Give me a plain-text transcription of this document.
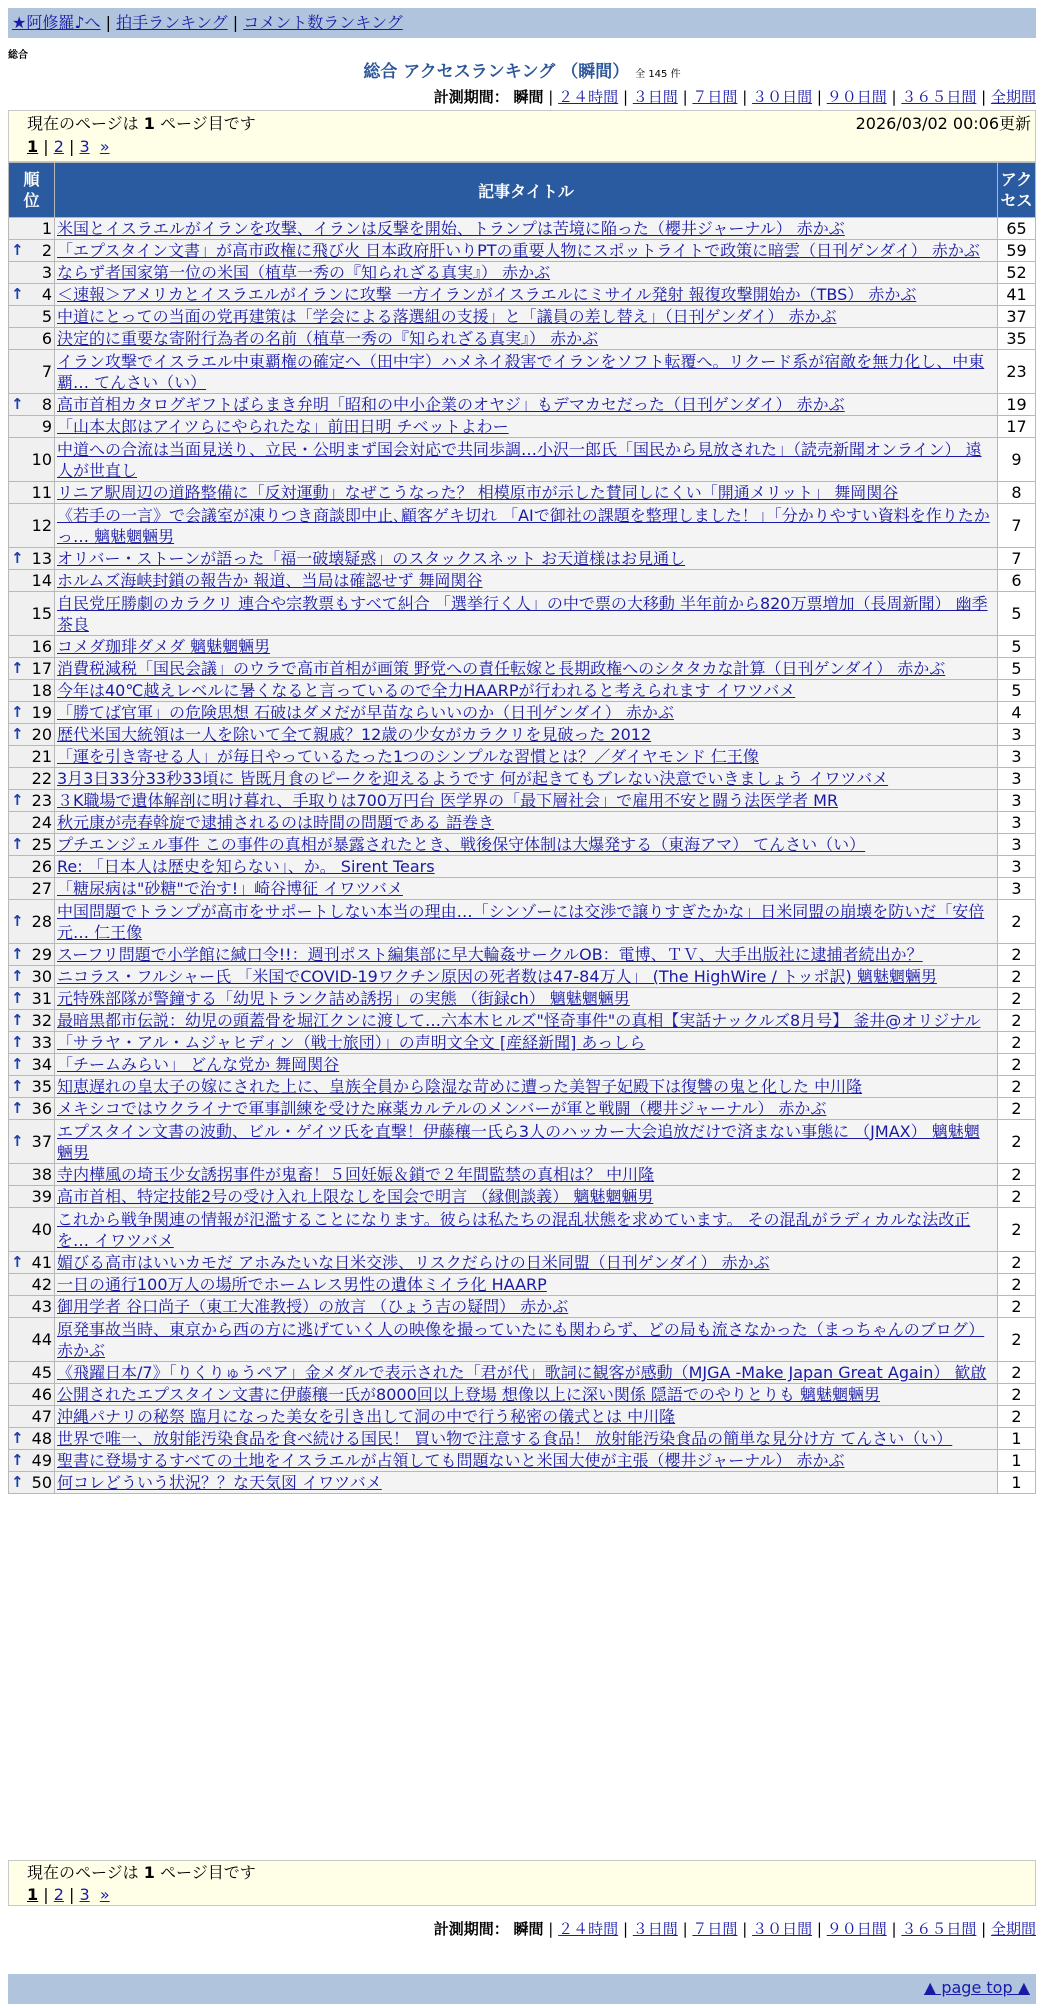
★阿修羅♪へ | 拍手ランキング | コメント数ランキング
総合
総合 アクセスランキング （瞬間） 全 145 件
計測期間： 瞬間 | ２４時間 | ３日間 | ７日間 | ３０日間 | ９０日間 | ３６５日間 | 全期間
現在のページは 1 ページ目です	2026/03/02 00:06更新
1 | 2 | 3 »
順位	記事タイトル	アクセス

1	米国とイスラエルがイランを攻撃、イランは反撃を開始、トランプは苦境に陥った（櫻井ジャーナル） 赤かぶ	65

↑ 2	「エプスタイン文書」が高市政権に飛び火 日本政府肝いりPTの重要人物にスポットライトで政策に暗雲（日刊ゲンダイ） 赤かぶ	59
3	ならず者国家第一位の米国（植草一秀の『知られざる真実』） 赤かぶ	52

↑ 4	＜速報＞アメリカとイスラエルがイランに攻撃 一方イランがイスラエルにミサイル発射 報復攻撃開始か（TBS） 赤かぶ	41
5	中道にとっての当面の党再建策は「学会による落選組の支援」と「議員の差し替え」（日刊ゲンダイ） 赤かぶ	37
6	決定的に重要な寄附行為者の名前（植草一秀の『知られざる真実』） 赤かぶ	35
7	イラン攻撃でイスラエル中東覇権の確定へ（田中宇）ハメネイ殺害でイランをソフト転覆へ。リクード系が宿敵を無力化し、中東覇… てんさい（い）	23

↑ 8	高市首相カタログギフトばらまき弁明「昭和の中小企業のオヤジ」もデマカセだった（日刊ゲンダイ） 赤かぶ	19
9	「山本太郎はアイツらにやられたな」前田日明 チベットよわー	17
10	中道への合流は当面見送り、立民・公明まず国会対応で共同歩調…小沢一郎氏「国民から見放された」（読売新聞オンライン） 遠人が世直し	9
11	リニア駅周辺の道路整備に「反対運動」なぜこうなった？ 相模原市が示した賛同しにくい「開通メリット」 舞岡関谷	8
12	《若手の一言》で会議室が凍りつき商談即中止､顧客ゲキ切れ 「AIで御社の課題を整理しました！」「分かりやすい資料を作りたかっ… 魑魅魍魎男	7

↑ 13	オリバー・ストーンが語った「福一破壊疑惑」のスタックスネット お天道様はお見通し	7
14	ホルムズ海峡封鎖の報告か 報道、当局は確認せず 舞岡関谷	6
15	自民党圧勝劇のカラクリ 連合や宗教票もすべて糾合 「選挙行く人」の中で票の大移動 半年前から820万票増加（長周新聞） 幽季 茶良	5
16	コメダ珈琲ダメダ 魑魅魍魎男	5

↑ 17	消費税減税「国民会議」のウラで高市首相が画策 野党への責任転嫁と長期政権へのシタタカな計算（日刊ゲンダイ） 赤かぶ	5
18	今年は40℃越えレベルに暑くなると言っているので全力HAARPが行われると考えられます イワツバメ	5

↑ 19	「勝てば官軍」の危険思想 石破はダメだが早苗ならいいのか（日刊ゲンダイ） 赤かぶ	4

↑ 20	歴代米国大統領は一人を除いて全て親戚？12歳の少女がカラクリを見破った 2012	3
21	「運を引き寄せる人」が毎日やっているたった1つのシンプルな習慣とは？／ダイヤモンド 仁王像	3
22	3月3日33分33秒33頃に 皆既月食のピークを迎えるようです 何が起きてもブレない決意でいきましょう イワツバメ	3

↑ 23	３K職場で遺体解剖に明け暮れ、手取りは700万円台 医学界の「最下層社会」で雇用不安と闘う法医学者 MR	3
24	秋元康が売春斡旋で逮捕されるのは時間の問題である 語巻き	3

↑ 25	プチエンジェル事件 この事件の真相が暴露されたとき、戦後保守体制は大爆発する（東海アマ） てんさい（い）	3
26	Re: 「日本人は歴史を知らない」、か。 Sirent Tears	3
27	「糖尿病は"砂糖"で治す!」崎谷博征 イワツバメ	3

↑ 28	中国問題でトランプが高市をサポートしない本当の理由…「シンゾーには交渉で譲りすぎたかな」日米同盟の崩壊を防いだ「安倍元… 仁王像	2

↑ 29	スーフリ問題で小学館に緘口令!!：週刊ポスト編集部に早大輪姦サークルOB：電博、ＴＶ、大手出版社に逮捕者続出か？	2

↑ 30	ニコラス・フルシャー氏 「米国でCOVID-19ワクチン原因の死者数は47-84万人」 (The HighWire / トッポ訳) 魑魅魍魎男	2

↑ 31	元特殊部隊が警鐘する「幼児トランク詰め誘拐」の実態 （街録ch） 魑魅魍魎男	2

↑ 32	最暗黒都市伝説：幼児の頭蓋骨を堀江クンに渡して…六本木ヒルズ"怪奇事件"の真相【実話ナックルズ8月号】 釜井@オリジナル	2

↑ 33	「サラヤ・アル・ムジャヒディン（戦士旅団）」の声明文全文 [産経新聞] あっしら	2

↑ 34	「チームみらい」 どんな党か 舞岡関谷	2

↑ 35	知恵遅れの皇太子の嫁にされた上に、皇族全員から陰湿な苛めに遭った美智子妃殿下は復讐の鬼と化した 中川隆	2

↑ 36	メキシコではウクライナで軍事訓練を受けた麻薬カルテルのメンバーが軍と戦闘（櫻井ジャーナル） 赤かぶ	2

↑ 37	エプスタイン文書の波動、ビル・ゲイツ氏を直撃！伊藤穰一氏ら3人のハッカー大会追放だけで済まない事態に （JMAX） 魑魅魍魎男	2
38	寺内樺風の埼玉少女誘拐事件が鬼畜！５回妊娠＆鎖で２年間監禁の真相は？ 中川隆	2
39	高市首相、特定技能2号の受け入れ上限なしを国会で明言 （縁側談義） 魑魅魍魎男	2
40	これから戦争関連の情報が氾濫することになります。彼らは私たちの混乱状態を求めています。 その混乱がラディカルな法改正を… イワツバメ	2

↑ 41	媚びる高市はいいカモだ アホみたいな日米交渉、リスクだらけの日米同盟（日刊ゲンダイ） 赤かぶ	2
42	一日の通行100万人の場所でホームレス男性の遺体ミイラ化 HAARP	2
43	御用学者 谷口尚子（東工大准教授）の放言 （ひょう吉の疑問） 赤かぶ	2
44	原発事故当時、東京から西の方に逃げていく人の映像を撮っていたにも関わらず、どの局も流さなかった（まっちゃんのブログ） 赤かぶ	2
45	《飛躍日本/7》「りくりゅうペア」金メダルで表示された「君が代」歌詞に観客が感動（MJGA -Make Japan Great Again） 歓啟	2
46	公開されたエプスタイン文書に伊藤穰一氏が8000回以上登場 想像以上に深い関係 隠語でのやりとりも 魑魅魍魎男	2
47	沖縄パナリの秘祭 臨月になった美女を引き出して洞の中で行う秘密の儀式とは 中川隆	2

↑ 48	世界で唯一、放射能汚染食品を食べ続ける国民！ 買い物で注意する食品！ 放射能汚染食品の簡単な見分け方 てんさい（い）	1

↑ 49	聖書に登場するすべての土地をイスラエルが占領しても問題ないと米国大使が主張（櫻井ジャーナル） 赤かぶ	1

↑ 50	何コレどういう状況？？な天気図 イワツバメ	1
現在のページは 1 ページ目です
1 | 2 | 3 »
計測期間： 瞬間 | ２４時間 | ３日間 | ７日間 | ３０日間 | ９０日間 | ３６５日間 | 全期間
▲ page top ▲
